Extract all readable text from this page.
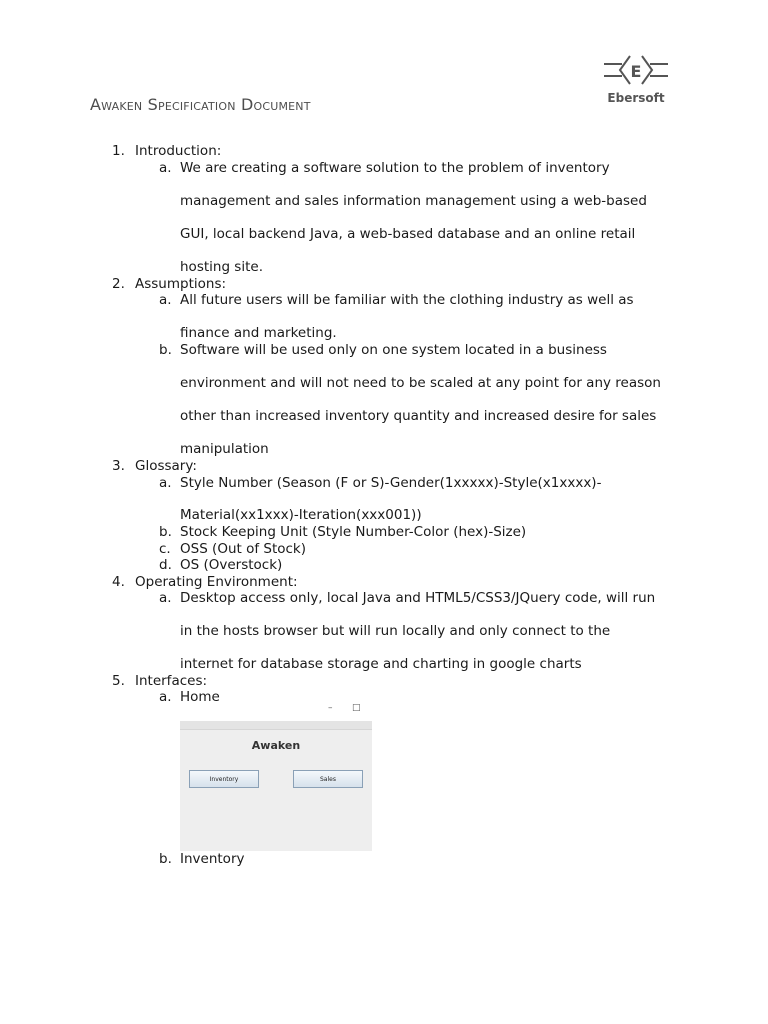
E
Ebersoft
Awaken Specification Document
1. Introduction:
a. We are creating a software solution to the problem of inventory
management and sales information management using a web-based
GUI, local backend Java, a web-based database and an online retail
hosting site.
2. Assumptions:
a. All future users will be familiar with the clothing industry as well as
finance and marketing.
b. Software will be used only on one system located in a business
environment and will not need to be scaled at any point for any reason
other than increased inventory quantity and increased desire for sales
manipulation
3. Glossary:
a. Style Number (Season (F or S)-Gender(1xxxxx)-Style(x1xxxx)-
Material(xx1xxx)-Iteration(xxx001))
b. Stock Keeping Unit (Style Number-Color (hex)-Size)
c. OSS (Out of Stock)
d. OS (Overstock)
4. Operating Environment:
a. Desktop access only, local Java and HTML5/CSS3/JQuery code, will run
in the hosts browser but will run locally and only connect to the
internet for database storage and charting in google charts
5. Interfaces:
a. Home
– □
Awaken
Inventory	Sales
b. Inventory
